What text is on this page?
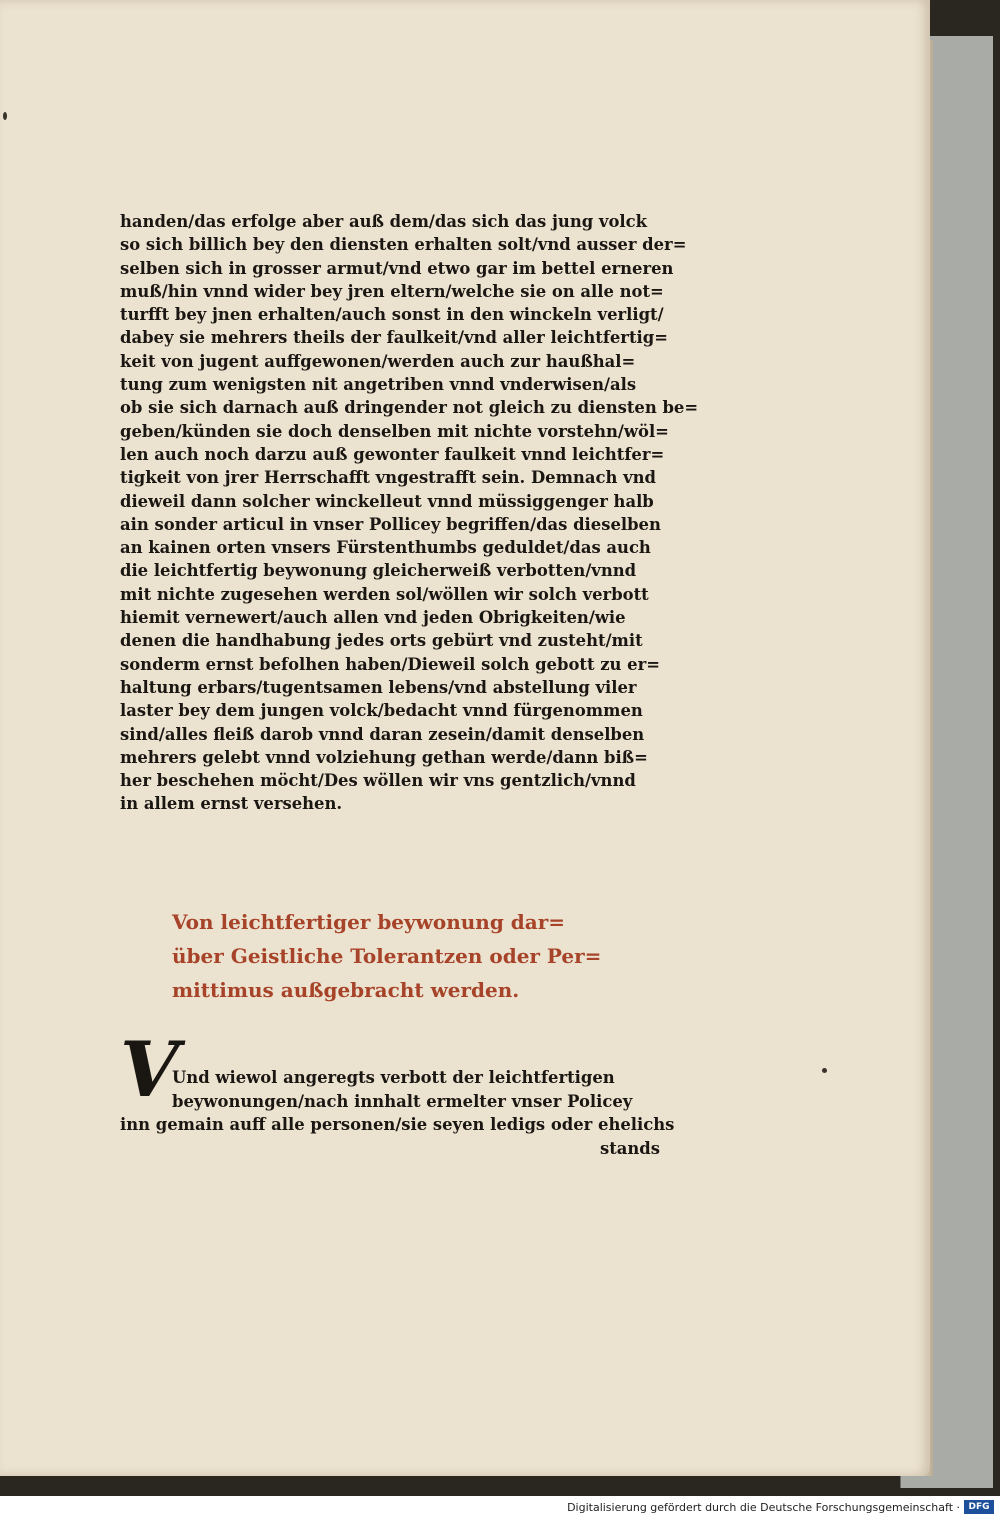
handen/das erfolge aber auß dem/das sich das jung volck
so sich billich bey den diensten erhalten solt/vnd ausser der=
selben sich in grosser armut/vnd etwo gar im bettel erneren
muß/hin vnnd wider bey jren eltern/welche sie on alle not=
turfft bey jnen erhalten/auch sonst in den winckeln verligt/
dabey sie mehrers theils der faulkeit/vnd aller leichtfertig=
keit von jugent auffgewonen/werden auch zur haußhal=
tung zum wenigsten nit angetriben vnnd vnderwisen/als
ob sie sich darnach auß dringender not gleich zu diensten be=
geben/künden sie doch denselben mit nichte vorstehn/wöl=
len auch noch darzu auß gewonter faulkeit vnnd leichtfer=
tigkeit von jrer Herrschafft vngestrafft sein. Demnach vnd
dieweil dann solcher winckelleut vnnd müssiggenger halb
ain sonder articul in vnser Pollicey begriffen/das dieselben
an kainen orten vnsers Fürstenthumbs geduldet/das auch
die leichtfertig beywonung gleicherweiß verbotten/vnnd
mit nichte zugesehen werden sol/wöllen wir solch verbott
hiemit vernewert/auch allen vnd jeden Obrigkeiten/wie
denen die handhabung jedes orts gebürt vnd zusteht/mit
sonderm ernst befolhen haben/Dieweil solch gebott zu er=
haltung erbars/tugentsamen lebens/vnd abstellung viler
laster bey dem jungen volck/bedacht vnnd fürgenommen
sind/alles fleiß darob vnnd daran zesein/damit denselben
mehrers gelebt vnnd volziehung gethan werde/dann biß=
her beschehen möcht/Des wöllen wir vns gentzlich/vnnd
in allem ernst versehen.
Von leichtfertiger beywonung dar=
über Geistliche Tolerantzen oder Per=
mittimus außgebracht werden.
V
Und wiewol angeregts verbott der leichtfertigen
beywonungen/nach innhalt ermelter vnser Policey
inn gemain auff alle personen/sie seyen ledigs oder ehelichs
stands
Digitalisierung gefördert durch die Deutsche Forschungsgemeinschaft · DFG
